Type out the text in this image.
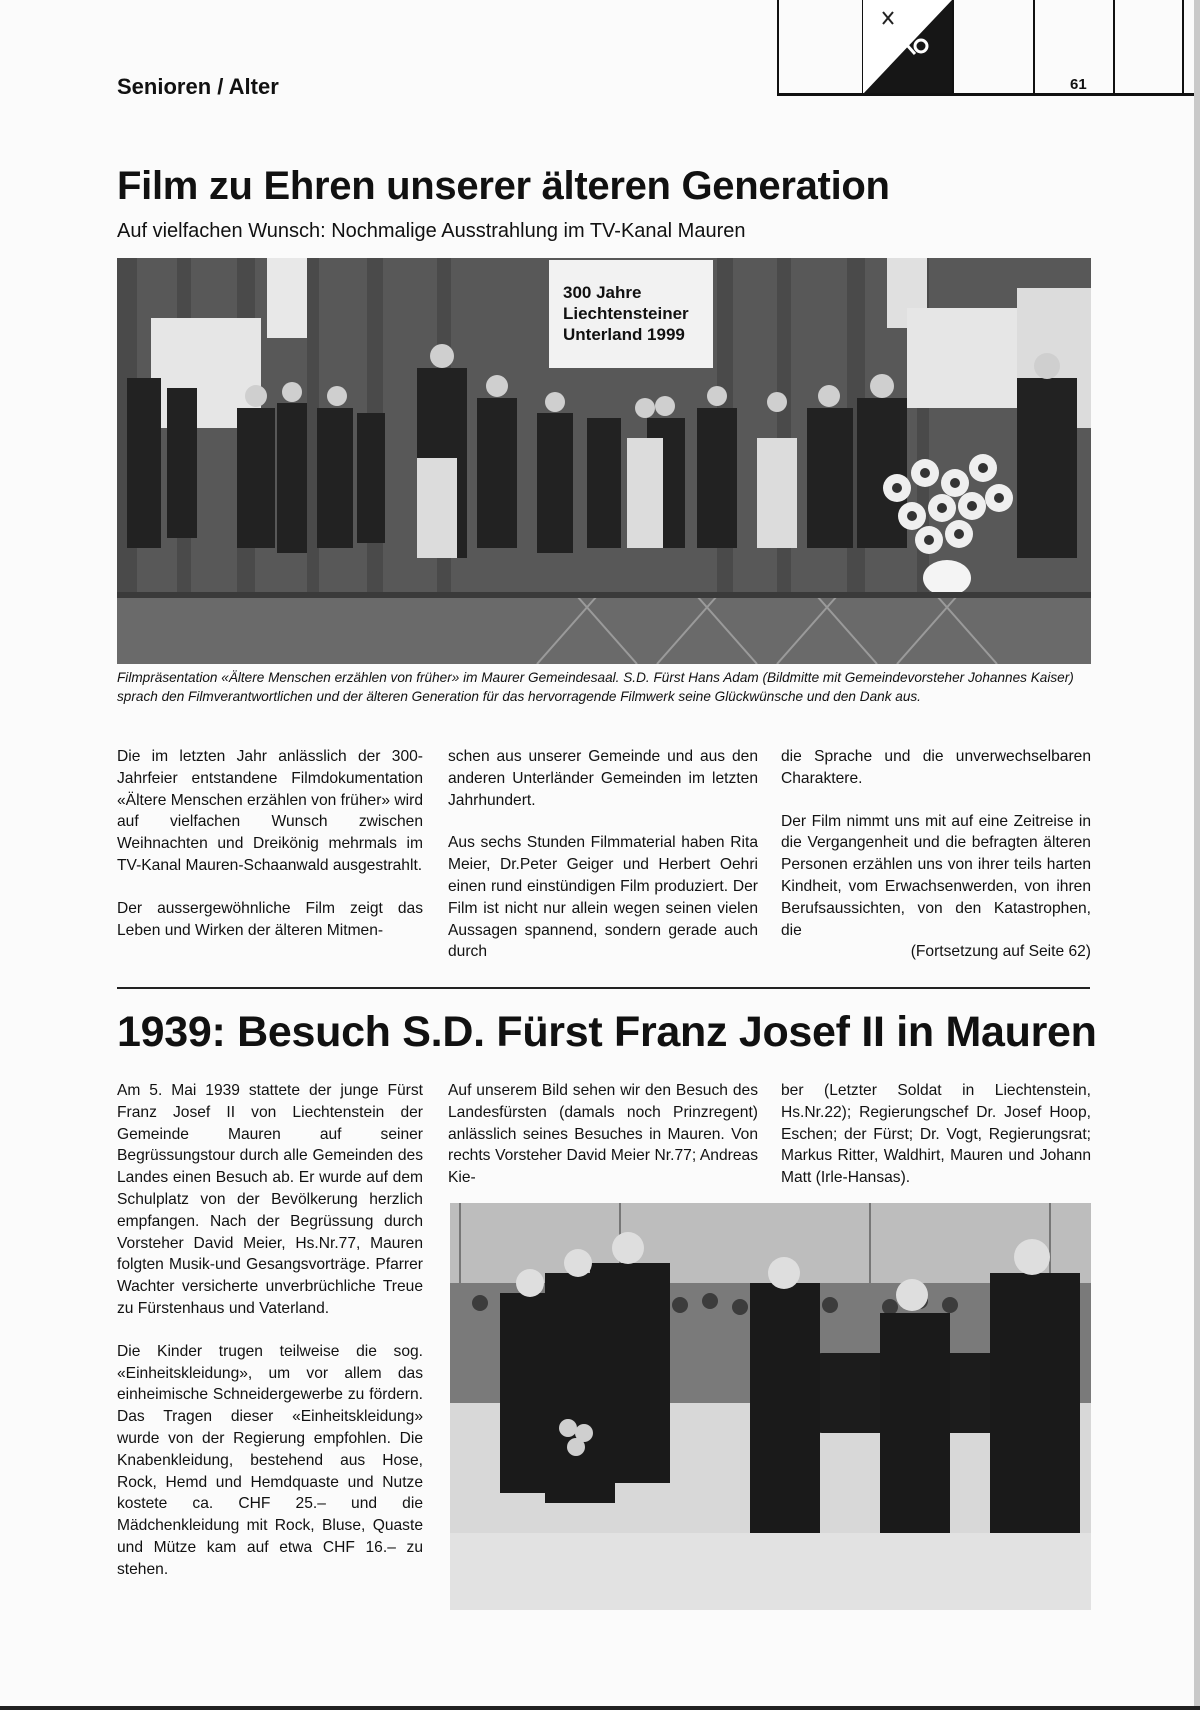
Senioren / Alter	61
Film zu Ehren unserer älteren Generation
Auf vielfachen Wunsch: Nochmalige Ausstrahlung im TV-Kanal Mauren
300 Jahre
Liechtensteiner
Unterland 1999
Filmpräsentation «Ältere Menschen erzählen von früher» im Maurer Gemeindesaal. S.D. Fürst Hans Adam (Bildmitte mit Gemeindevorsteher Johannes Kaiser) sprach den Filmverantwortlichen und der älteren Generation für das hervorragende Filmwerk seine Glückwünsche und den Dank aus.

Die im letzten Jahr anlässlich der 300-Jahrfeier entstandene Filmdokumentation «Ältere Menschen erzählen von früher» wird auf vielfachen Wunsch zwischen Weihnachten und Dreikönig mehrmals im TV-Kanal Mauren-Schaanwald ausgestrahlt.

Der aussergewöhnliche Film zeigt das Leben und Wirken der älteren Mitmen-

schen aus unserer Gemeinde und aus den anderen Unterländer Gemeinden im letzten Jahrhundert.

Aus sechs Stunden Filmmaterial haben Rita Meier, Dr.Peter Geiger und Herbert Oehri einen rund einstündigen Film produziert. Der Film ist nicht nur allein wegen seinen vielen Aussagen spannend, sondern gerade auch durch

die Sprache und die unverwechselbaren Charaktere.

Der Film nimmt uns mit auf eine Zeitreise in die Vergangenheit und die befragten älteren Personen erzählen uns von ihrer teils harten Kindheit, vom Erwachsenwerden, von ihren Berufsaussichten, von den Katastrophen, die

(Fortsetzung auf Seite 62)

1939: Besuch S.D. Fürst Franz Josef II in Mauren

Am 5. Mai 1939 stattete der junge Fürst Franz Josef II von Liechtenstein der Gemeinde Mauren auf seiner Begrüssungstour durch alle Gemeinden des Landes einen Besuch ab. Er wurde auf dem Schulplatz von der Bevölkerung herzlich empfangen. Nach der Begrüssung durch Vorsteher David Meier, Hs.Nr.77, Mauren folgten Musik-und Gesangsvorträge. Pfarrer Wachter versicherte unverbrüchliche Treue zu Fürstenhaus und Vaterland.

Die Kinder trugen teilweise die sog. «Einheitskleidung», um vor allem das einheimische Schneidergewerbe zu fördern. Das Tragen dieser «Einheitskleidung» wurde von der Regierung empfohlen. Die Knabenkleidung, bestehend aus Hose, Rock, Hemd und Hemdquaste und Nutze kostete ca. CHF 25.– und die Mädchenkleidung mit Rock, Bluse, Quaste und Mütze kam auf etwa CHF 16.– zu stehen.

Auf unserem Bild sehen wir den Besuch des Landesfürsten (damals noch Prinzregent) anlässlich seines Besuches in Mauren. Von rechts Vorsteher David Meier Nr.77; Andreas Kie-

ber (Letzter Soldat in Liechtenstein, Hs.Nr.22); Regierungschef Dr. Josef Hoop, Eschen; der Fürst; Dr. Vogt, Regierungsrat; Markus Ritter, Waldhirt, Mauren und Johann Matt (Irle-Hansas).
